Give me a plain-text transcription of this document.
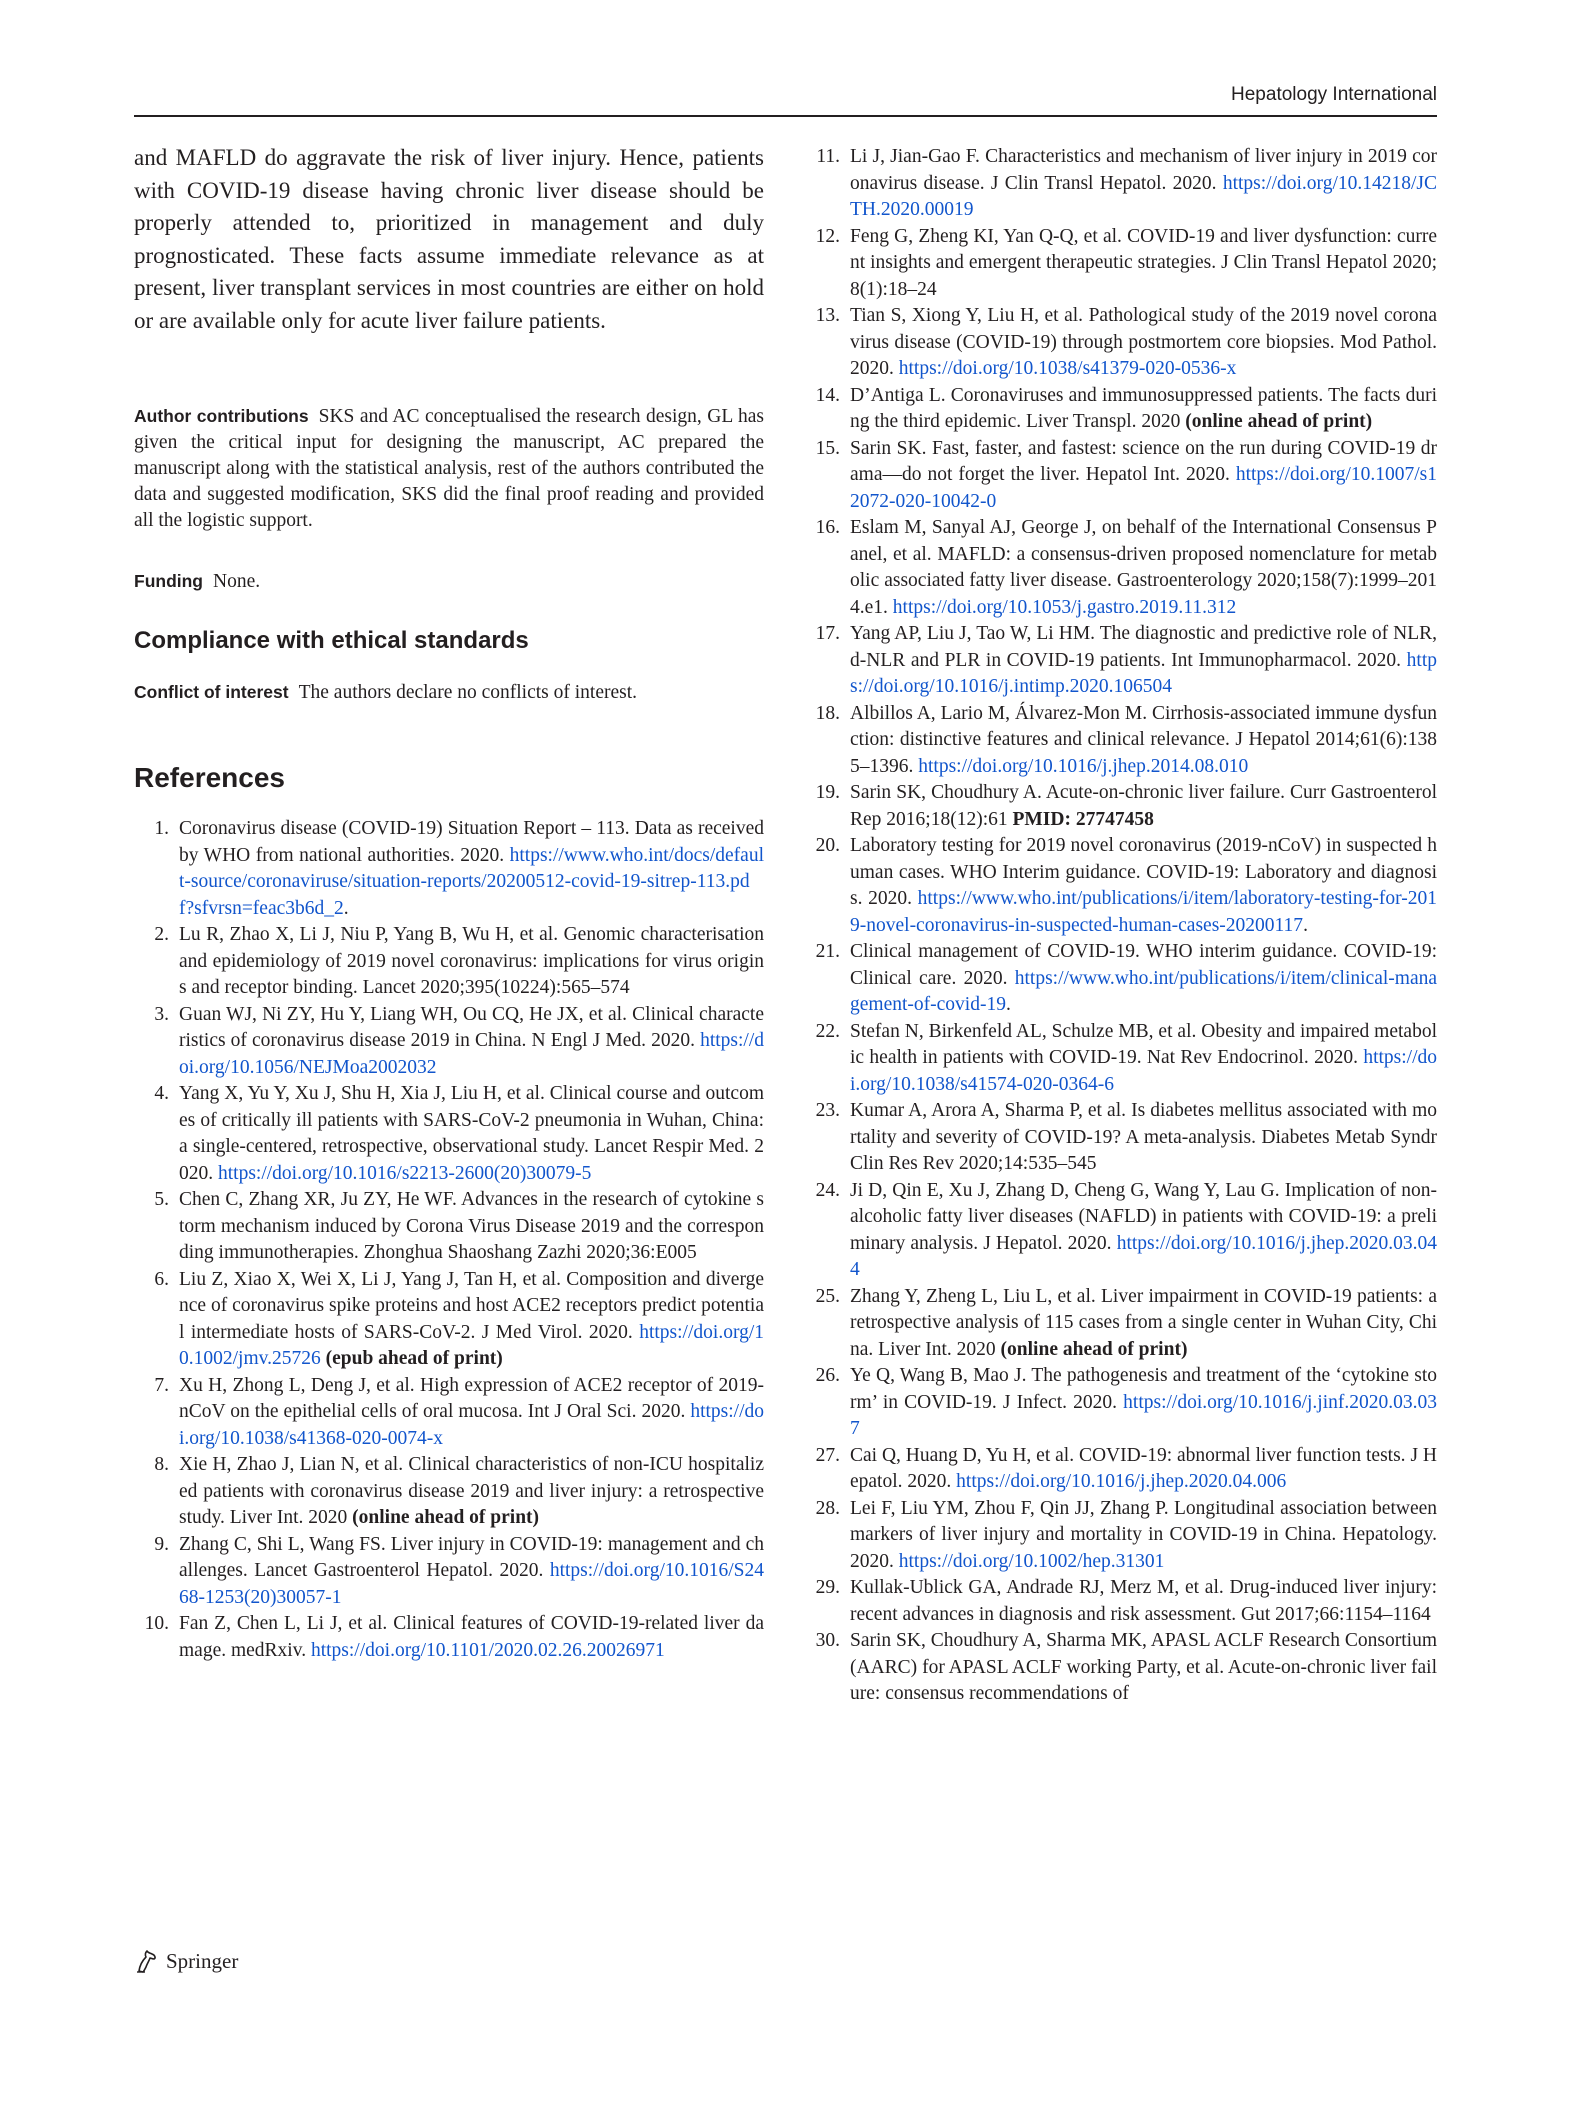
Hepatology International

and MAFLD do aggravate the risk of liver injury. Hence, patients with COVID-19 disease having chronic liver disease should be properly attended to, prioritized in management and duly prognosticated. These facts assume immediate relevance as at present, liver transplant services in most countries are either on hold or are available only for acute liver failure patients.

Author contributions SKS and AC conceptualised the research design, GL has given the critical input for designing the manuscript, AC prepared the manuscript along with the statistical analysis, rest of the authors contributed the data and suggested modification, SKS did the final proof reading and provided all the logistic support.

Funding None.

Compliance with ethical standards

Conflict of interest The authors declare no conflicts of interest.

References
1. Coronavirus disease (COVID-19) Situation Report – 113. Data as received by WHO from national authorities. 2020. https://www.who.int/docs/default-source/coronaviruse/situation-reports/20200512-covid-19-sitrep-113.pdf?sfvrsn=feac3b6d_2.
2. Lu R, Zhao X, Li J, Niu P, Yang B, Wu H, et al. Genomic characterisation and epidemiology of 2019 novel coronavirus: implications for virus origins and receptor binding. Lancet 2020;395(10224):565–574
3. Guan WJ, Ni ZY, Hu Y, Liang WH, Ou CQ, He JX, et al. Clinical characteristics of coronavirus disease 2019 in China. N Engl J Med. 2020. https://doi.org/10.1056/NEJMoa2002032
4. Yang X, Yu Y, Xu J, Shu H, Xia J, Liu H, et al. Clinical course and outcomes of critically ill patients with SARS-CoV-2 pneumonia in Wuhan, China: a single-centered, retrospective, observational study. Lancet Respir Med. 2020. https://doi.org/10.1016/s2213-2600(20)30079-5
5. Chen C, Zhang XR, Ju ZY, He WF. Advances in the research of cytokine storm mechanism induced by Corona Virus Disease 2019 and the corresponding immunotherapies. Zhonghua Shaoshang Zazhi 2020;36:E005
6. Liu Z, Xiao X, Wei X, Li J, Yang J, Tan H, et al. Composition and divergence of coronavirus spike proteins and host ACE2 receptors predict potential intermediate hosts of SARS-CoV-2. J Med Virol. 2020. https://doi.org/10.1002/jmv.25726 (epub ahead of print)
7. Xu H, Zhong L, Deng J, et al. High expression of ACE2 receptor of 2019-nCoV on the epithelial cells of oral mucosa. Int J Oral Sci. 2020. https://doi.org/10.1038/s41368-020-0074-x
8. Xie H, Zhao J, Lian N, et al. Clinical characteristics of non-ICU hospitalized patients with coronavirus disease 2019 and liver injury: a retrospective study. Liver Int. 2020 (online ahead of print)
9. Zhang C, Shi L, Wang FS. Liver injury in COVID-19: management and challenges. Lancet Gastroenterol Hepatol. 2020. https://doi.org/10.1016/S2468-1253(20)30057-1
10. Fan Z, Chen L, Li J, et al. Clinical features of COVID-19-related liver damage. medRxiv. https://doi.org/10.1101/2020.02.26.20026971
11. Li J, Jian-Gao F. Characteristics and mechanism of liver injury in 2019 coronavirus disease. J Clin Transl Hepatol. 2020. https://doi.org/10.14218/JCTH.2020.00019
12. Feng G, Zheng KI, Yan Q-Q, et al. COVID-19 and liver dysfunction: current insights and emergent therapeutic strategies. J Clin Transl Hepatol 2020;8(1):18–24
13. Tian S, Xiong Y, Liu H, et al. Pathological study of the 2019 novel coronavirus disease (COVID-19) through postmortem core biopsies. Mod Pathol. 2020. https://doi.org/10.1038/s41379-020-0536-x
14. D’Antiga L. Coronaviruses and immunosuppressed patients. The facts during the third epidemic. Liver Transpl. 2020 (online ahead of print)
15. Sarin SK. Fast, faster, and fastest: science on the run during COVID-19 drama—do not forget the liver. Hepatol Int. 2020. https://doi.org/10.1007/s12072-020-10042-0
16. Eslam M, Sanyal AJ, George J, on behalf of the International Consensus Panel, et al. MAFLD: a consensus-driven proposed nomenclature for metabolic associated fatty liver disease. Gastroenterology 2020;158(7):1999–2014.e1. https://doi.org/10.1053/j.gastro.2019.11.312
17. Yang AP, Liu J, Tao W, Li HM. The diagnostic and predictive role of NLR, d-NLR and PLR in COVID-19 patients. Int Immunopharmacol. 2020. https://doi.org/10.1016/j.intimp.2020.106504
18. Albillos A, Lario M, Álvarez-Mon M. Cirrhosis-associated immune dysfunction: distinctive features and clinical relevance. J Hepatol 2014;61(6):1385–1396. https://doi.org/10.1016/j.jhep.2014.08.010
19. Sarin SK, Choudhury A. Acute-on-chronic liver failure. Curr Gastroenterol Rep 2016;18(12):61 PMID: 27747458
20. Laboratory testing for 2019 novel coronavirus (2019-nCoV) in suspected human cases. WHO Interim guidance. COVID-19: Laboratory and diagnosis. 2020. https://www.who.int/publications/i/item/laboratory-testing-for-2019-novel-coronavirus-in-suspected-human-cases-20200117.
21. Clinical management of COVID-19. WHO interim guidance. COVID-19: Clinical care. 2020. https://www.who.int/publications/i/item/clinical-management-of-covid-19.
22. Stefan N, Birkenfeld AL, Schulze MB, et al. Obesity and impaired metabolic health in patients with COVID-19. Nat Rev Endocrinol. 2020. https://doi.org/10.1038/s41574-020-0364-6
23. Kumar A, Arora A, Sharma P, et al. Is diabetes mellitus associated with mortality and severity of COVID-19? A meta-analysis. Diabetes Metab Syndr Clin Res Rev 2020;14:535–545
24. Ji D, Qin E, Xu J, Zhang D, Cheng G, Wang Y, Lau G. Implication of non- alcoholic fatty liver diseases (NAFLD) in patients with COVID-19: a preliminary analysis. J Hepatol. 2020. https://doi.org/10.1016/j.jhep.2020.03.044
25. Zhang Y, Zheng L, Liu L, et al. Liver impairment in COVID-19 patients: a retrospective analysis of 115 cases from a single center in Wuhan City, China. Liver Int. 2020 (online ahead of print)
26. Ye Q, Wang B, Mao J. The pathogenesis and treatment of the ‘cytokine storm’ in COVID-19. J Infect. 2020. https://doi.org/10.1016/j.jinf.2020.03.037
27. Cai Q, Huang D, Yu H, et al. COVID-19: abnormal liver function tests. J Hepatol. 2020. https://doi.org/10.1016/j.jhep.2020.04.006
28. Lei F, Liu YM, Zhou F, Qin JJ, Zhang P. Longitudinal association between markers of liver injury and mortality in COVID-19 in China. Hepatology. 2020. https://doi.org/10.1002/hep.31301
29. Kullak-Ublick GA, Andrade RJ, Merz M, et al. Drug-induced liver injury: recent advances in diagnosis and risk assessment. Gut 2017;66:1154–1164
30. Sarin SK, Choudhury A, Sharma MK, APASL ACLF Research Consortium (AARC) for APASL ACLF working Party, et al. Acute-on-chronic liver failure: consensus recommendations of
Springer
